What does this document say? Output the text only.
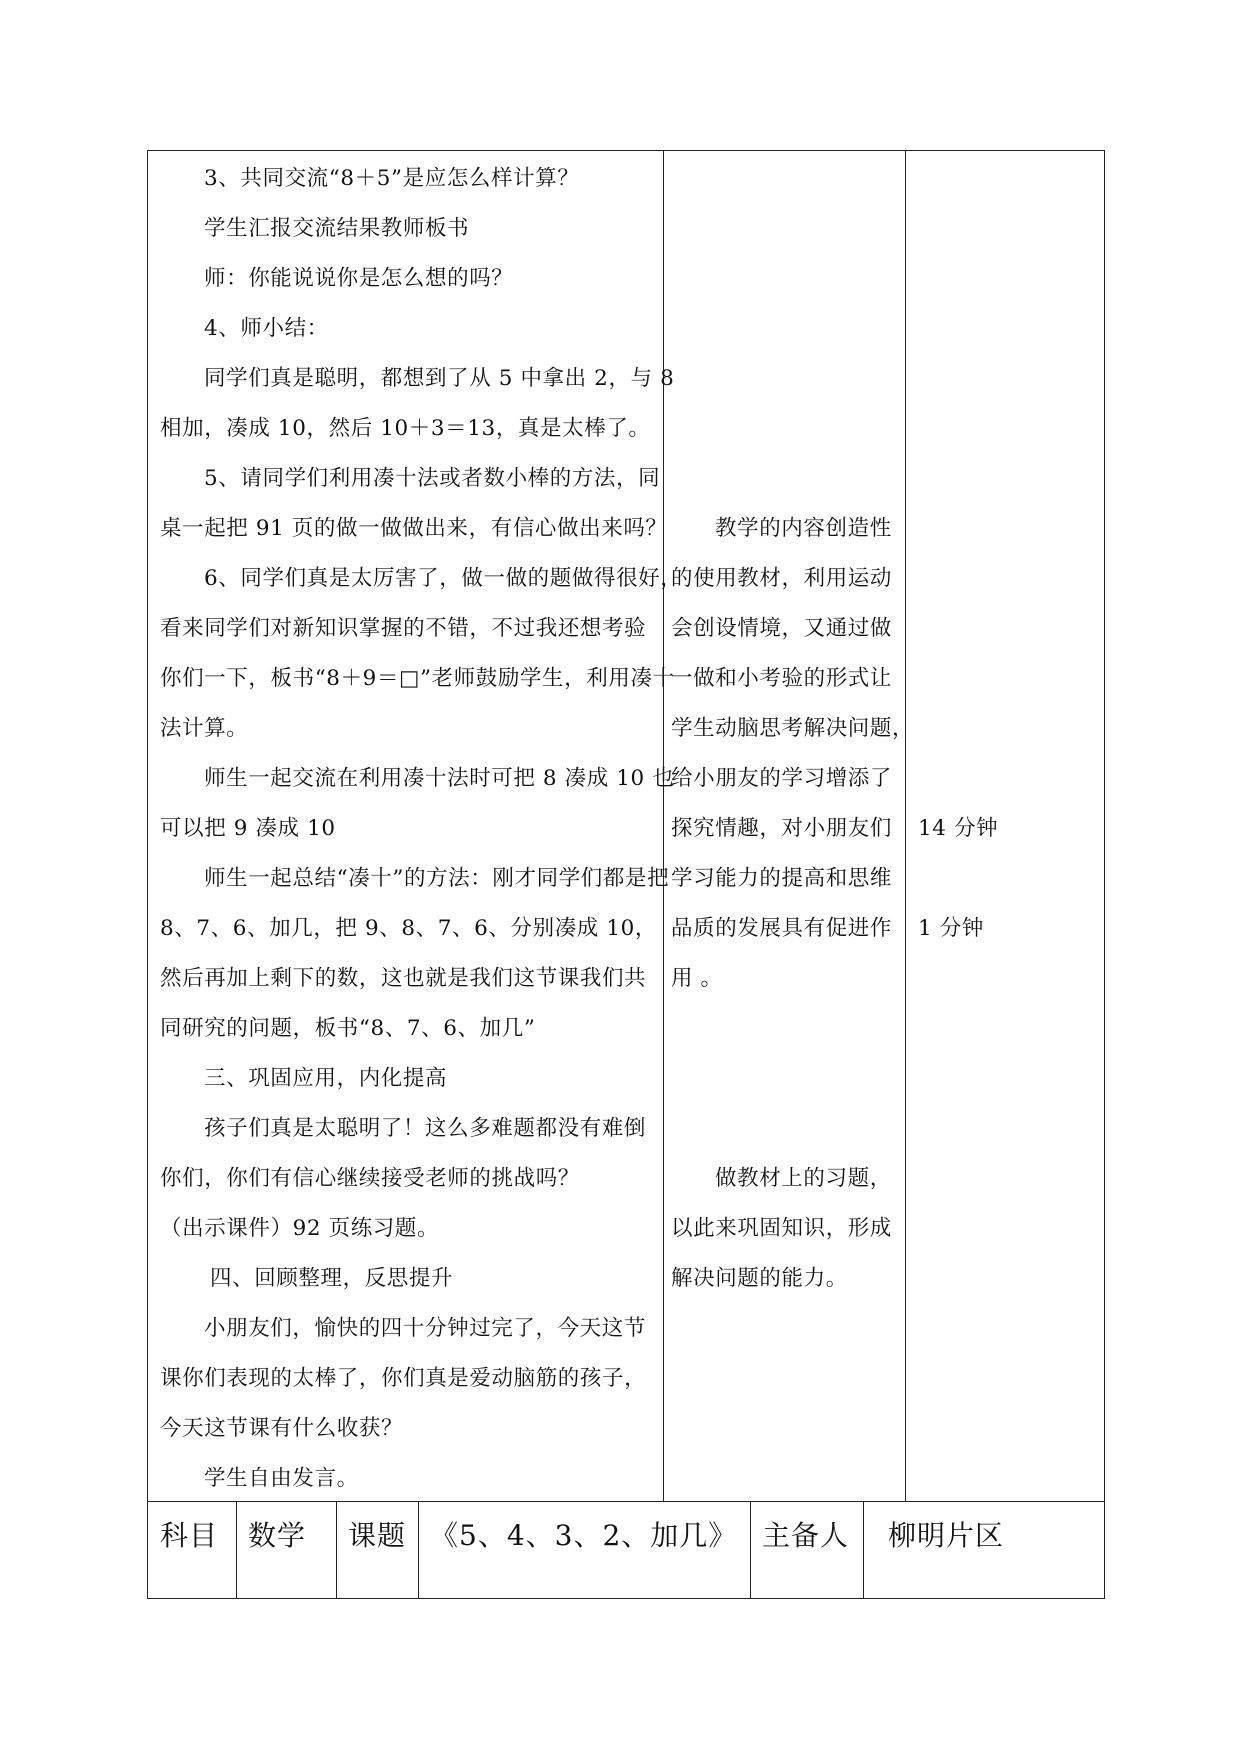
3、共同交流“8＋5”是应怎么样计算？
学生汇报交流结果教师板书
师：你能说说你是怎么想的吗？
4、师小结：
同学们真是聪明，都想到了从 5 中拿出 2，与 8
相加，凑成 10，然后 10＋3＝13，真是太棒了。
5、请同学们利用凑十法或者数小棒的方法，同
桌一起把 91 页的做一做做出来，有信心做出来吗？
6、同学们真是太厉害了，做一做的题做得很好，
看来同学们对新知识掌握的不错，不过我还想考验
你们一下，板书“8＋9＝□”老师鼓励学生，利用凑十
法计算。
师生一起交流在利用凑十法时可把 8 凑成 10 也
可以把 9 凑成 10
师生一起总结“凑十”的方法：刚才同学们都是把
8、7、6、加几，把 9、8、7、6、分别凑成 10，
然后再加上剩下的数，这也就是我们这节课我们共
同研究的问题，板书“8、7、6、加几”
三、巩固应用，内化提高
孩子们真是太聪明了！这么多难题都没有难倒
你们，你们有信心继续接受老师的挑战吗？
（出示课件）92 页练习题。
四、回顾整理，反思提升
小朋友们，愉快的四十分钟过完了，今天这节
课你们表现的太棒了，你们真是爱动脑筋的孩子，
今天这节课有什么收获？
学生自由发言。
教学的内容创造性
的使用教材，利用运动
会创设情境，又通过做
一做和小考验的形式让
学生动脑思考解决问题，
给小朋友的学习增添了
探究情趣，对小朋友们
学习能力的提高和思维
品质的发展具有促进作
用 。
做教材上的习题，
以此来巩固知识，形成
解决问题的能力。
14 分钟
1 分钟
科目 数学 课题 《5、4、3、2、加几》 主备人 柳明片区
